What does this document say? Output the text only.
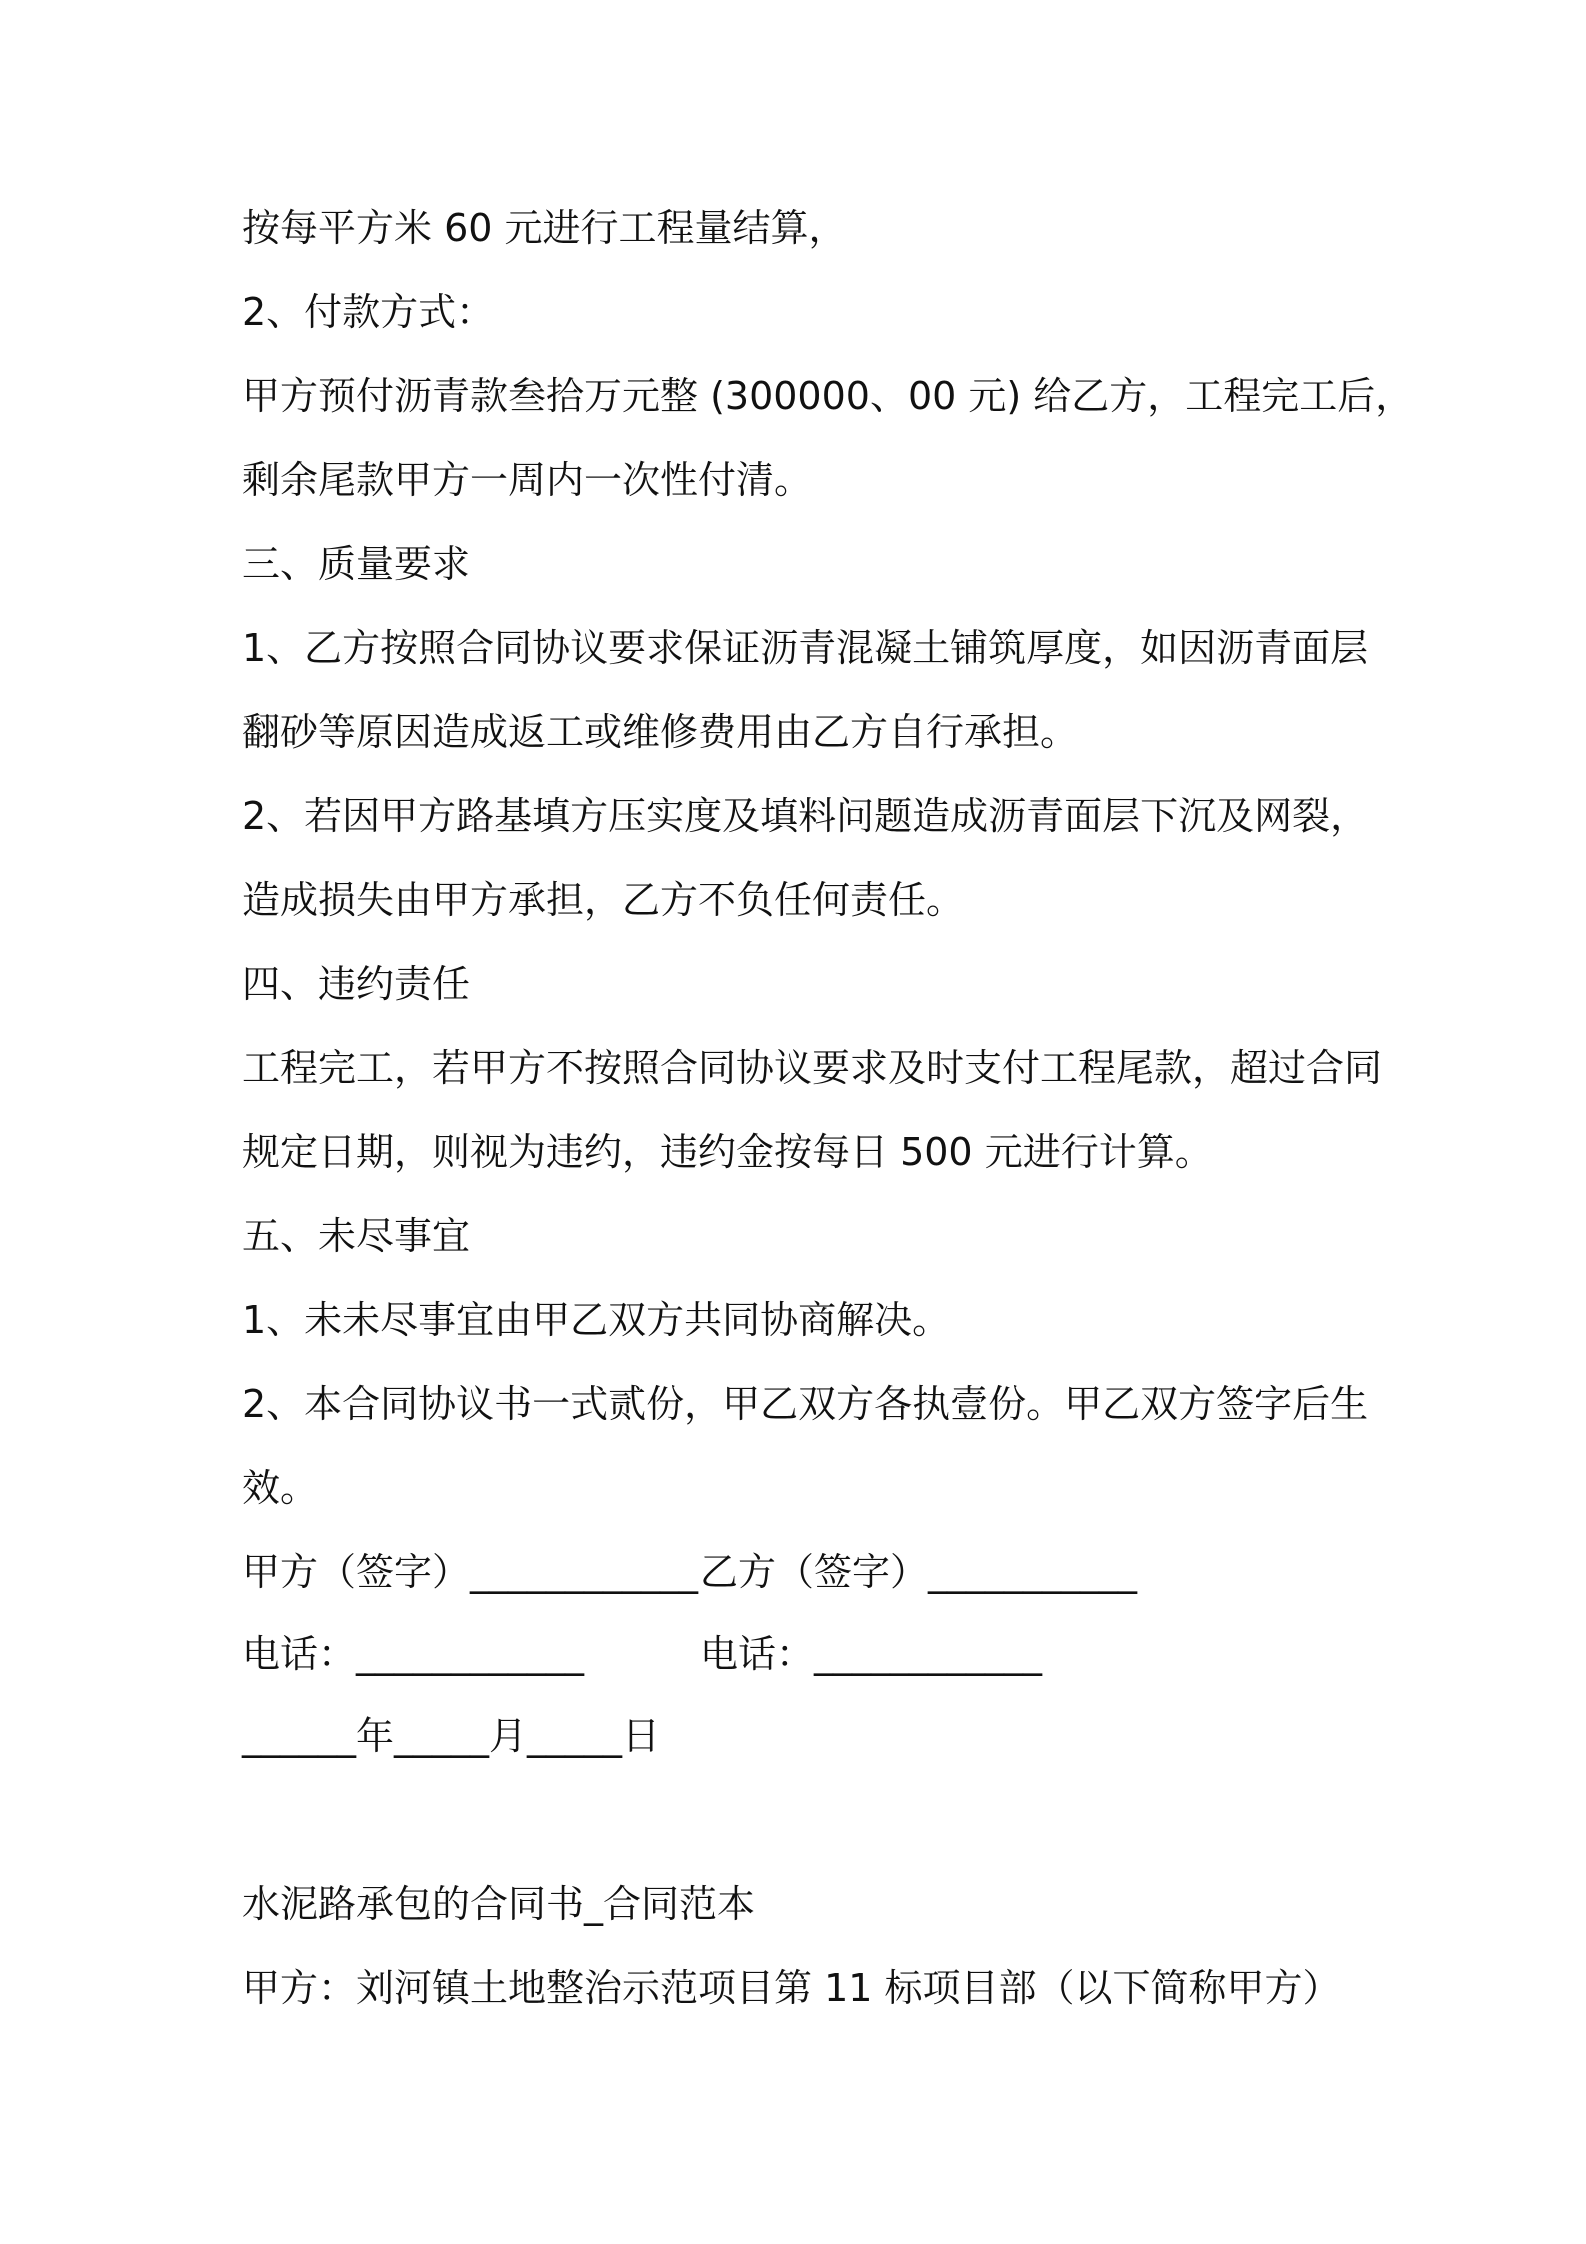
按每平方米 60 元进行工程量结算，
2、付款方式：
甲方预付沥青款叁拾万元整 (300000、00 元) 给乙方，工程完工后，
剩余尾款甲方一周内一次性付清。
三、质量要求
1、乙方按照合同协议要求保证沥青混凝土铺筑厚度，如因沥青面层
翻砂等原因造成返工或维修费用由乙方自行承担。
2、若因甲方路基填方压实度及填料问题造成沥青面层下沉及网裂，
造成损失由甲方承担，乙方不负任何责任。
四、违约责任
工程完工，若甲方不按照合同协议要求及时支付工程尾款，超过合同
规定日期，则视为违约，违约金按每日 500 元进行计算。
五、未尽事宜
1、未未尽事宜由甲乙双方共同协商解决。
2、本合同协议书一式贰份，甲乙双方各执壹份。甲乙双方签字后生
效。
甲方（签字）____________ 乙方（签字）___________
电话：____________	电话：____________
______年_____月_____日
水泥路承包的合同书_合同范本
甲方：刘河镇土地整治示范项目第 11 标项目部（以下简称甲方）
